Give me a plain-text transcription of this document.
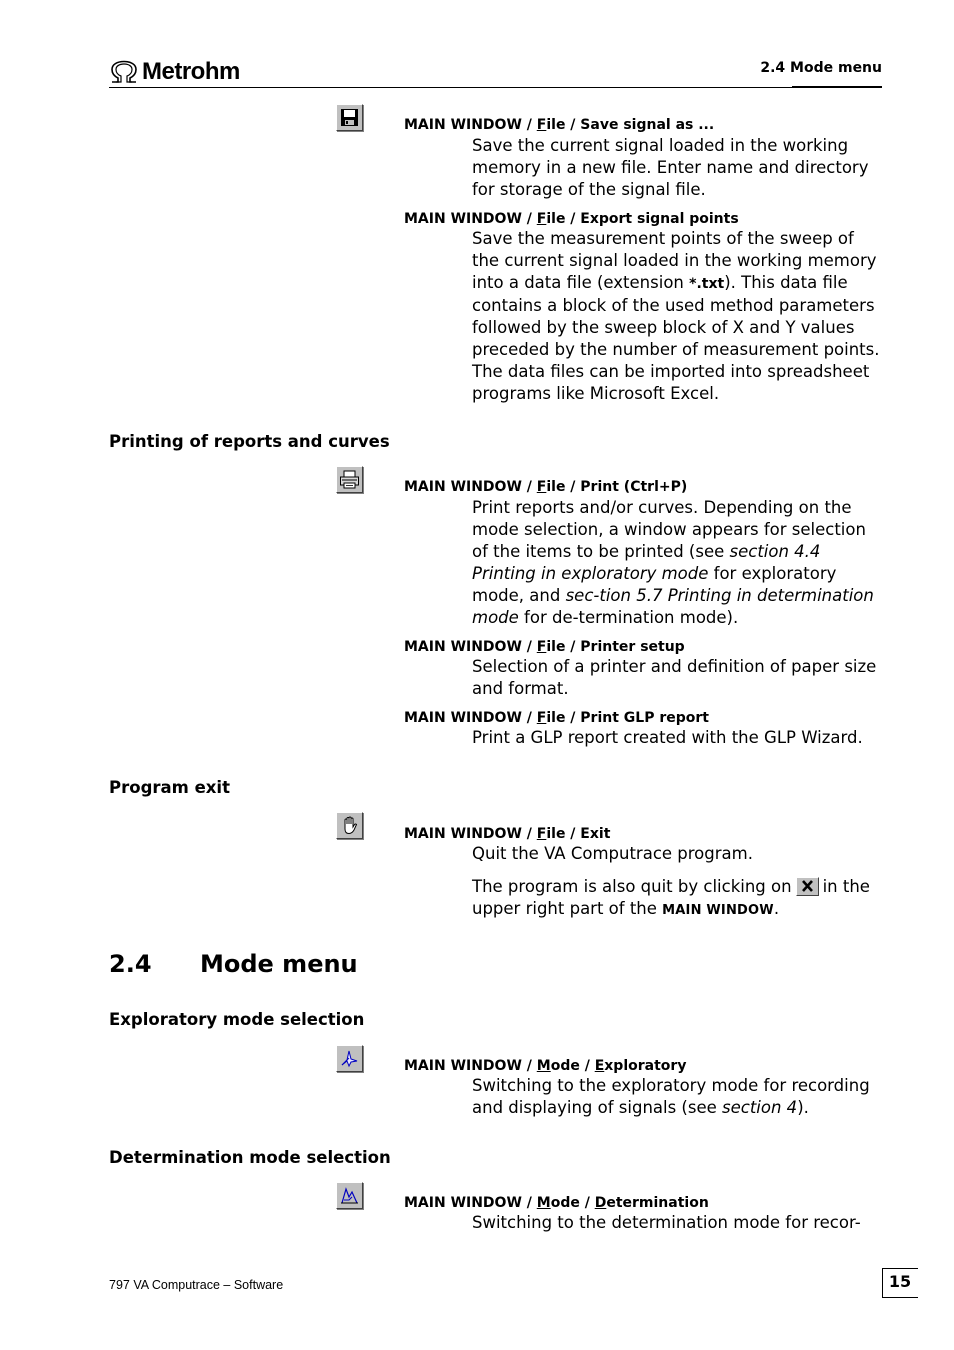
Metrohm	2.4 Mode menu
MAIN WINDOW / File / Save signal as ...
Save the current signal loaded in the working memory in a new file. Enter name and directory for storage of the signal file.
MAIN WINDOW / File / Export signal points
Save the measurement points of the sweep of the current signal loaded in the working memory into a data file (extension *.txt). This data file contains a block of the used method parameters followed by the sweep block of X and Y values preceded by the number of measurement points. The data files can be imported into spreadsheet programs like Microsoft Excel.
Printing of reports and curves
MAIN WINDOW / File / Print (Ctrl+P)
Print reports and/or curves. Depending on the mode selection, a window appears for selection of the items to be printed (see section 4.4 Printing in exploratory mode for exploratory mode, and sec-tion 5.7 Printing in determination mode for de-termination mode).
MAIN WINDOW / File / Printer setup
Selection of a printer and definition of paper size and format.
MAIN WINDOW / File / Print GLP report
Print a GLP report created with the GLP Wizard.
Program exit
MAIN WINDOW / File / Exit
Quit the VA Computrace program.
The program is also quit by clicking on in the upper right part of the MAIN WINDOW.
2.4 Mode menu
Exploratory mode selection
MAIN WINDOW / Mode / Exploratory
Switching to the exploratory mode for recording and displaying of signals (see section 4).
Determination mode selection
MAIN WINDOW / Mode / Determination
Switching to the determination mode for recor-
797 VA Computrace – Software	15
